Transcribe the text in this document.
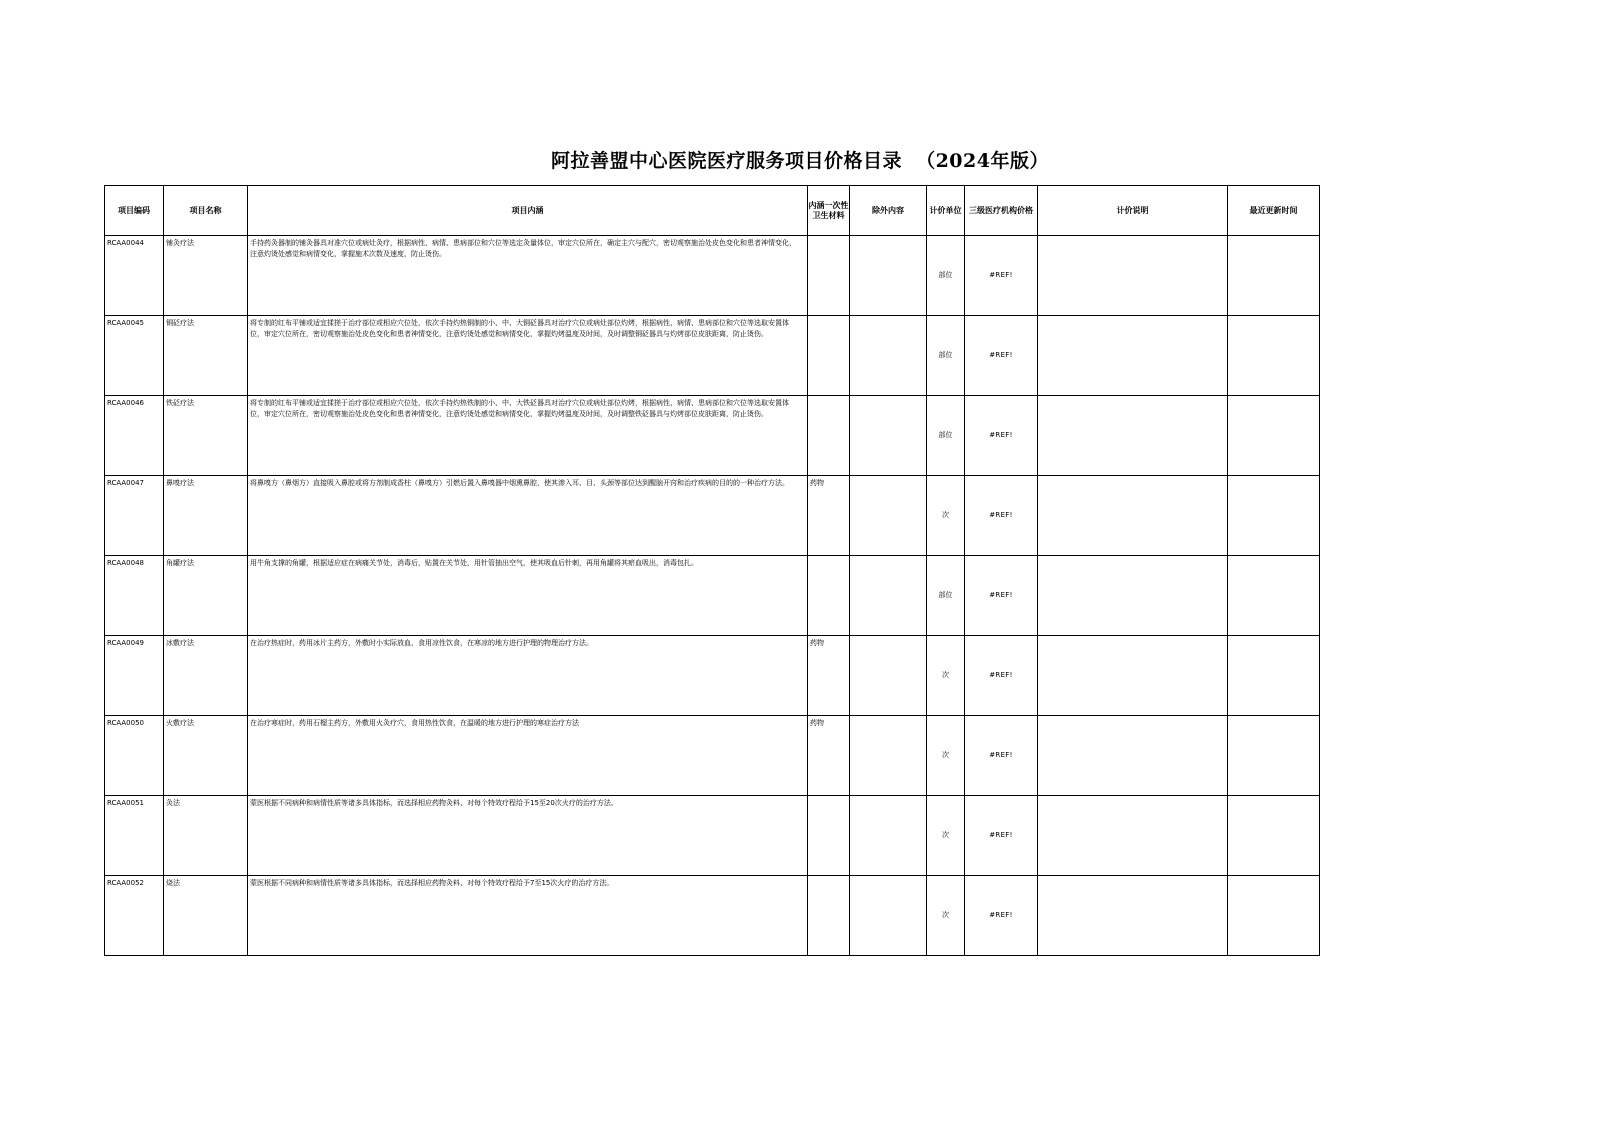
阿拉善盟中心医院医疗服务项目价格目录 （2024年版）
项目编码	项目名称	项目内涵	内涵一次性卫生材料	除外内容	计价单位	三级医疗机构价格	计价说明	最近更新时间
RCAA0044	铺灸疗法	手持药灸器制的铺灸器具对准穴位或病灶灸疗，根据病性、病情、患病部位和穴位等选定灸量体位，审定穴位所在，确定主穴与配穴，密切观察施治处皮色变化和患者神情变化，注意灼烫处感觉和病情变化，掌握施术次数及速度，防止烫伤。			部位	#REF!		
RCAA0045	铜砭疗法	将专制的红布平铺或适宜揉搓于治疗部位或相应穴位处，依次手持灼热铜制的小、中、大铜砭器具对治疗穴位或病灶部位灼烤，根据病性、病情、患病部位和穴位等选取安置体位，审定穴位所在，密切观察施治处皮色变化和患者神情变化，注意灼烫处感觉和病情变化，掌握灼烤温度及时间，及时调整铜砭器具与灼烤部位皮肤距离，防止烫伤。			部位	#REF!		
RCAA0046	铁砭疗法	将专制的红布平铺或适宜揉搓于治疗部位或相应穴位处，依次手持灼热铁制的小、中、大铁砭器具对治疗穴位或病灶部位灼烤，根据病性、病情、患病部位和穴位等选取安置体位，审定穴位所在，密切观察施治处皮色变化和患者神情变化，注意灼烫处感觉和病情变化，掌握灼烤温度及时间，及时调整铁砭器具与灼烤部位皮肤距离，防止烫伤。			部位	#REF!		
RCAA0047	鼻嗅疗法	将鼻嗅方（鼻烟方）直接吸入鼻腔或将方剂制成香柱（鼻嗅方）引燃后置入鼻嗅器中烟熏鼻腔，使其渗入耳、目、头颈等部位达到醒脑开窍和治疗疾病的目的的一种治疗方法。	药物		次	#REF!		
RCAA0048	角罐疗法	用牛角支撑的角罐，根据适应症在病痛关节处，消毒后，贴置在关节处，用针管抽出空气，使其吸血后针刺，再用角罐将其瘀血吸出，消毒包扎。			部位	#REF!		
RCAA0049	冰敷疗法	在治疗热症时，药用冰片主药方，外敷时小实际放血，食用凉性饮食，在寒凉的地方进行护理的物理治疗方法。	药物		次	#REF!		
RCAA0050	火敷疗法	在治疗寒症时，药用石榴主药方，外敷用火灸疗穴，食用热性饮食，在温暖的地方进行护理的寒症治疗方法	药物		次	#REF!		
RCAA0051	灸法	蒙医根据不同病种和病情性质等诸多具体指标，而选择相应药物灸料，对每个特效疗程给予15至20次火疗的治疗方法。			次	#REF!		
RCAA0052	烧法	蒙医根据不同病种和病情性质等诸多具体指标，而选择相应药物灸料，对每个特效疗程给予7至15次火疗的治疗方法。			次	#REF!		
